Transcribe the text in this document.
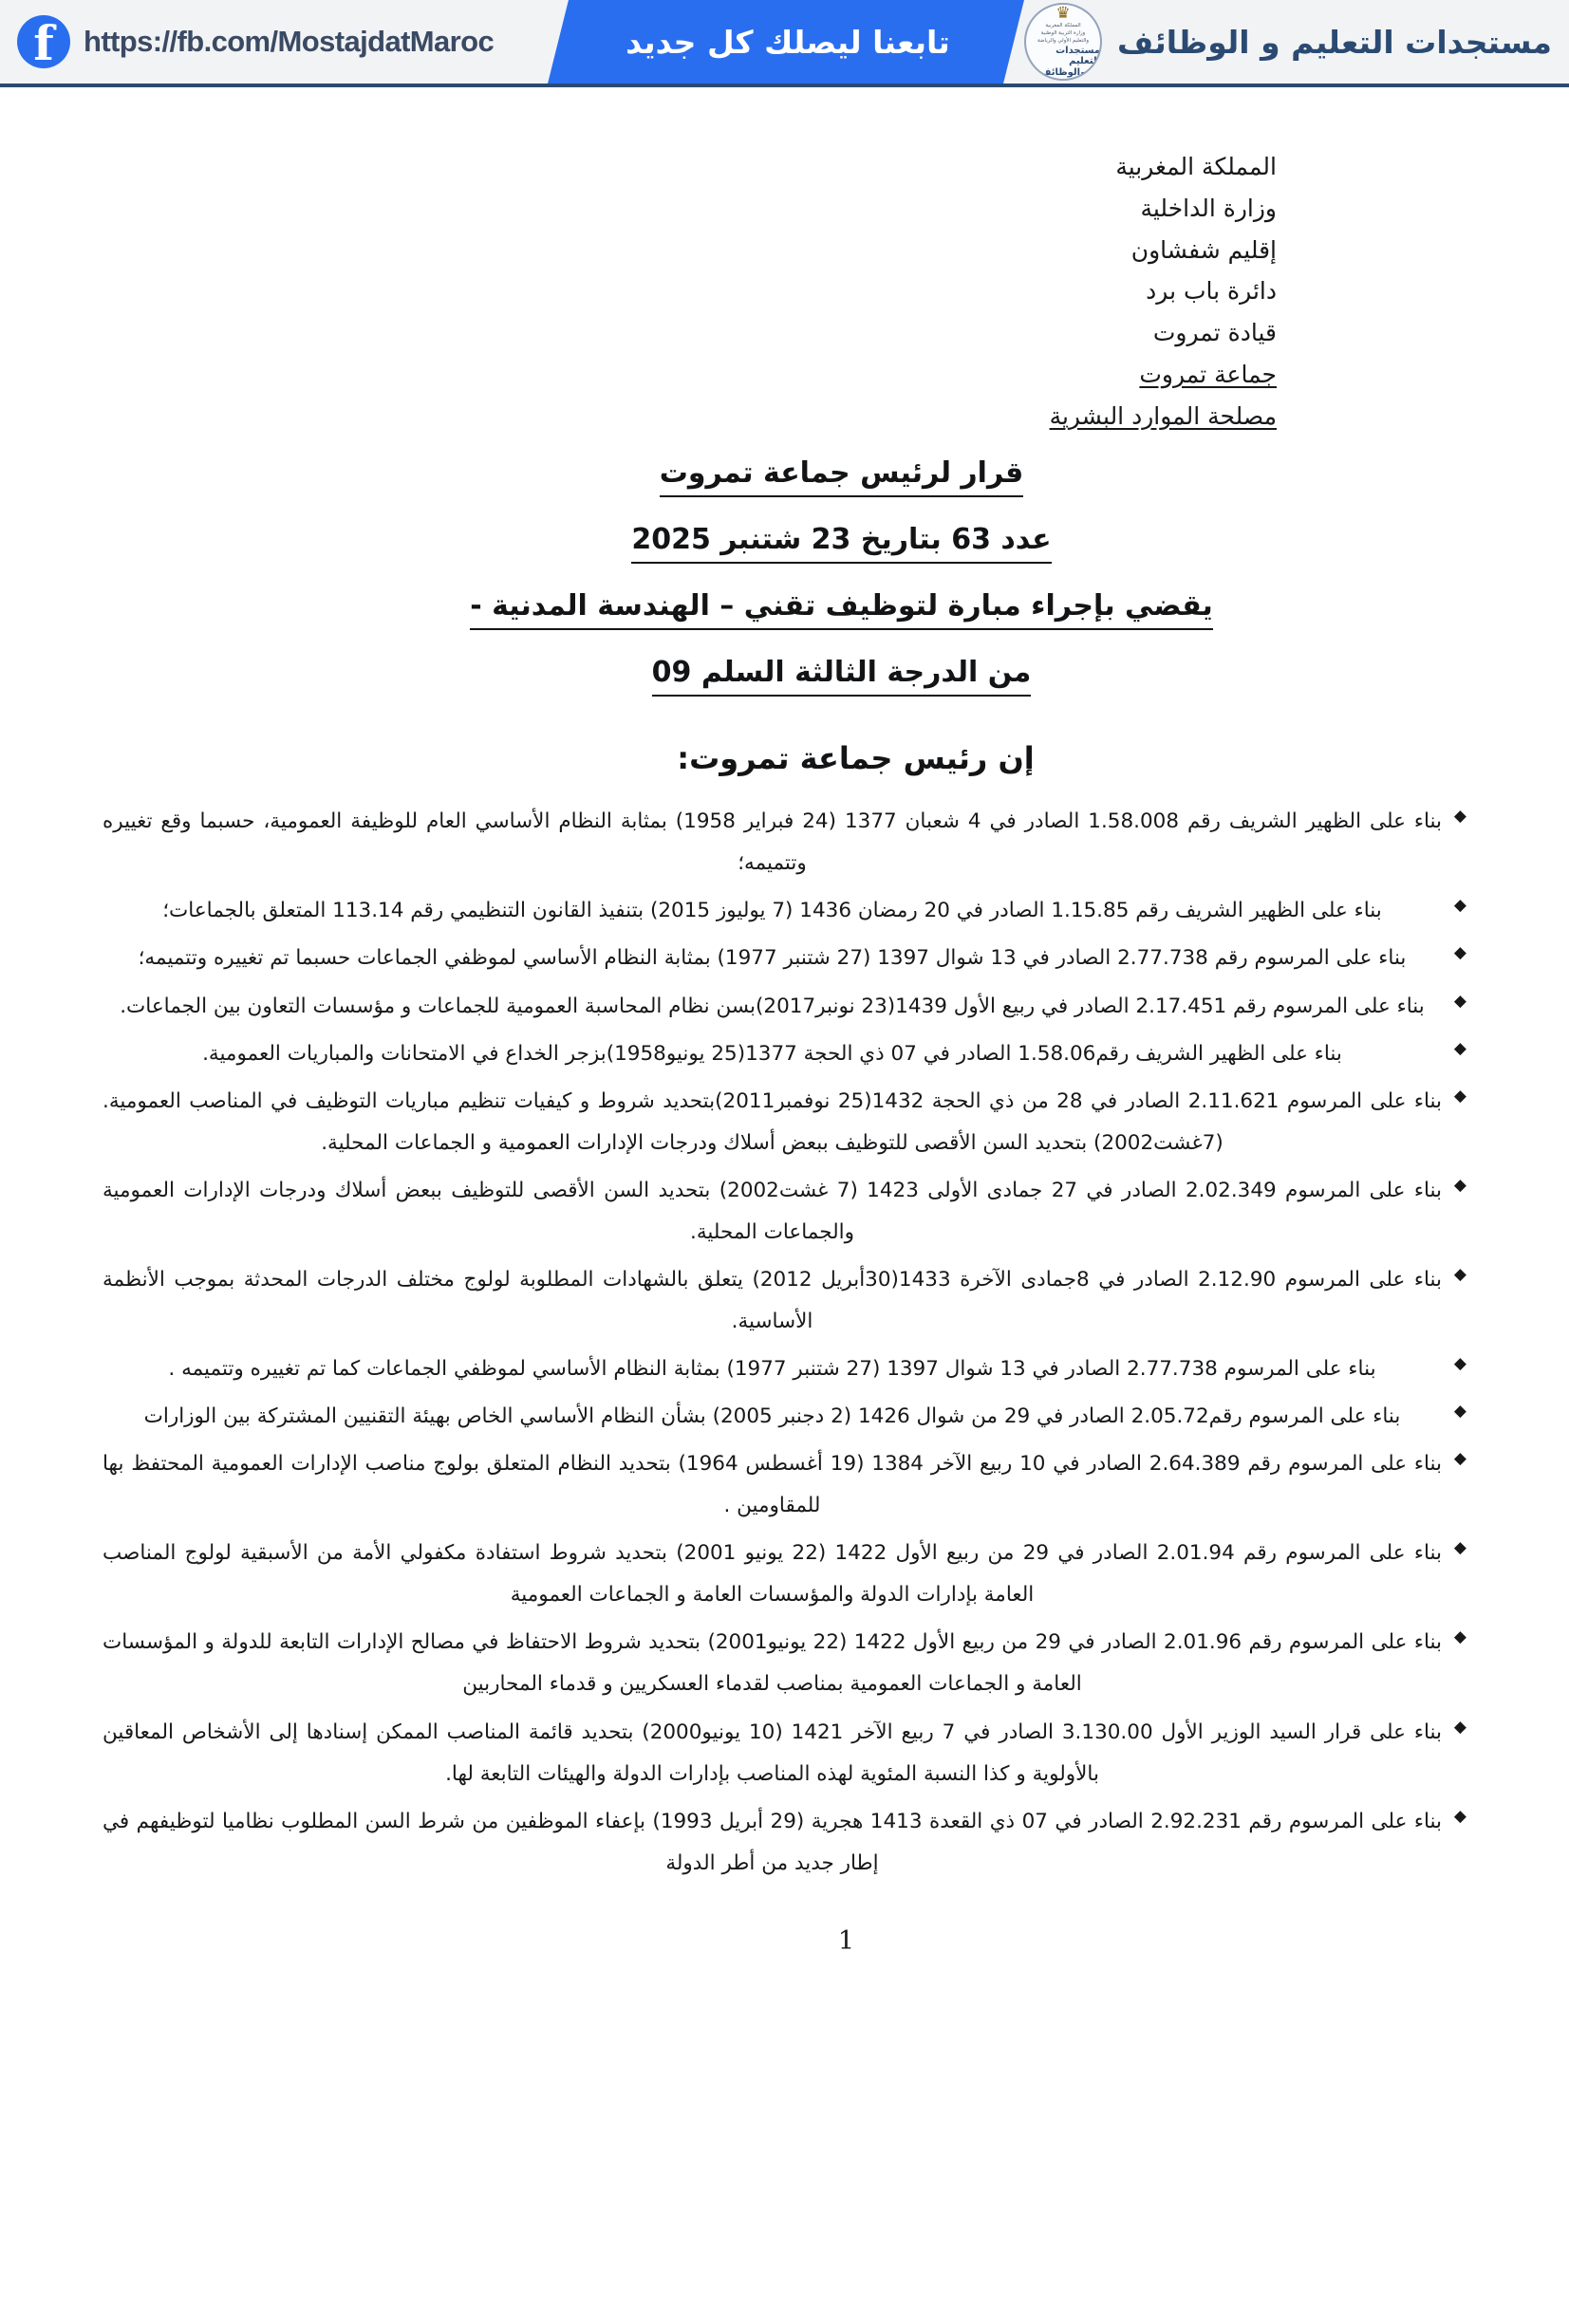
f	https://fb.com/MostajdatMaroc	تابعنا ليصلك كل جديد	مستجدات التعليم و الوظائف
♛
المملكة المغربية
وزارة التربية الوطنية
والتعليم الأولي والرياضة
مستجدات التعليم
والوظائف
المملكة المغربية
وزارة الداخلية
إقليم شفشاون
دائرة باب برد
قيادة تمروت
جماعة تمروت
مصلحة الموارد البشرية
قرار لرئيس جماعة تمروت
عدد 63 بتاريخ 23 شتنبر 2025
يقضي بإجراء مبارة لتوظيف تقني – الهندسة المدنية -
من الدرجة الثالثة السلم 09
إن رئيس جماعة تمروت:
◆
بناء على الظهير الشريف رقم 1.58.008 الصادر في 4 شعبان 1377 (24 فبراير 1958) بمثابة النظام الأساسي العام للوظيفة العمومية، حسبما وقع تغييره وتتميمه؛
◆
بناء على الظهير الشريف رقم 1.15.85 الصادر في 20 رمضان 1436 (7 يوليوز 2015) بتنفيذ القانون التنظيمي رقم 113.14 المتعلق بالجماعات؛
◆
بناء على المرسوم رقم 2.77.738 الصادر في 13 شوال 1397 (27 شتنبر 1977) بمثابة النظام الأساسي لموظفي الجماعات حسبما تم تغييره وتتميمه؛
◆
بناء على المرسوم رقم 2.17.451 الصادر في ربيع الأول 1439(23 نونبر2017)بسن نظام المحاسبة العمومية للجماعات و مؤسسات التعاون بين الجماعات.
◆
بناء على الظهير الشريف رقم1.58.06 الصادر في 07 ذي الحجة 1377(25 يونيو1958)بزجر الخداع في الامتحانات والمباريات العمومية.
◆
بناء على المرسوم 2.11.621 الصادر في 28 من ذي الحجة 1432(25 نوفمبر2011)بتحديد شروط و كيفيات تنظيم مباريات التوظيف في المناصب العمومية.(7غشت2002) بتحديد السن الأقصى للتوظيف ببعض أسلاك ودرجات الإدارات العمومية و الجماعات المحلية.
◆
بناء على المرسوم 2.02.349 الصادر في 27 جمادى الأولى 1423 (7 غشت2002) بتحديد السن الأقصى للتوظيف ببعض أسلاك ودرجات الإدارات العمومية والجماعات المحلية.
◆
بناء على المرسوم 2.12.90 الصادر في 8جمادى الآخرة 1433(30أبريل 2012) يتعلق بالشهادات المطلوبة لولوج مختلف الدرجات المحدثة بموجب الأنظمة الأساسية.
◆
بناء على المرسوم 2.77.738 الصادر في 13 شوال 1397 (27 شتنبر 1977) بمثابة النظام الأساسي لموظفي الجماعات كما تم تغييره وتتميمه .
◆
بناء على المرسوم رقم2.05.72 الصادر في 29 من شوال 1426 (2 دجنبر 2005) بشأن النظام الأساسي الخاص بهيئة التقنيين المشتركة بين الوزارات
◆
بناء على المرسوم رقم 2.64.389 الصادر في 10 ربيع الآخر 1384 (19 أغسطس 1964) بتحديد النظام المتعلق بولوج مناصب الإدارات العمومية المحتفظ بها للمقاومين .
◆
بناء على المرسوم رقم 2.01.94 الصادر في 29 من ربيع الأول 1422 (22 يونيو 2001) بتحديد شروط استفادة مكفولي الأمة من الأسبقية لولوج المناصب العامة بإدارات الدولة والمؤسسات العامة و الجماعات العمومية
◆
بناء على المرسوم رقم 2.01.96 الصادر في 29 من ربيع الأول 1422 (22 يونيو2001) بتحديد شروط الاحتفاظ في مصالح الإدارات التابعة للدولة و المؤسسات العامة و الجماعات العمومية بمناصب لقدماء العسكريين و قدماء المحاربين
◆
بناء على قرار السيد الوزير الأول 3.130.00 الصادر في 7 ربيع الآخر 1421 (10 يونيو2000) بتحديد قائمة المناصب الممكن إسنادها إلى الأشخاص المعاقين بالأولوية و كذا النسبة المئوية لهذه المناصب بإدارات الدولة والهيئات التابعة لها.
◆
بناء على المرسوم رقم 2.92.231 الصادر في 07 ذي القعدة 1413 هجرية (29 أبريل 1993) بإعفاء الموظفين من شرط السن المطلوب نظاميا لتوظيفهم في إطار جديد من أطر الدولة
1
